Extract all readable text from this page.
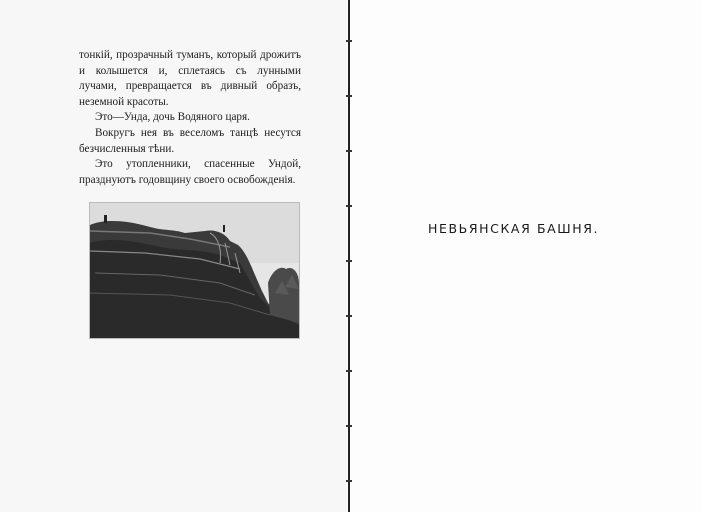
тонкій, прозрачный туманъ, который дрожитъ и колышется и, сплетаясь съ лунными лучами, превращается въ дивный образъ, неземной красоты.

Это—Унда, дочь Водяного царя.

Вокругъ нея въ веселомъ танцѣ несутся безчисленныя тѣни.

Это утопленники, спасенные Ундой, празднуютъ годовщину своего освобожденія.

НЕВЬЯНСКАЯ БАШНЯ.
